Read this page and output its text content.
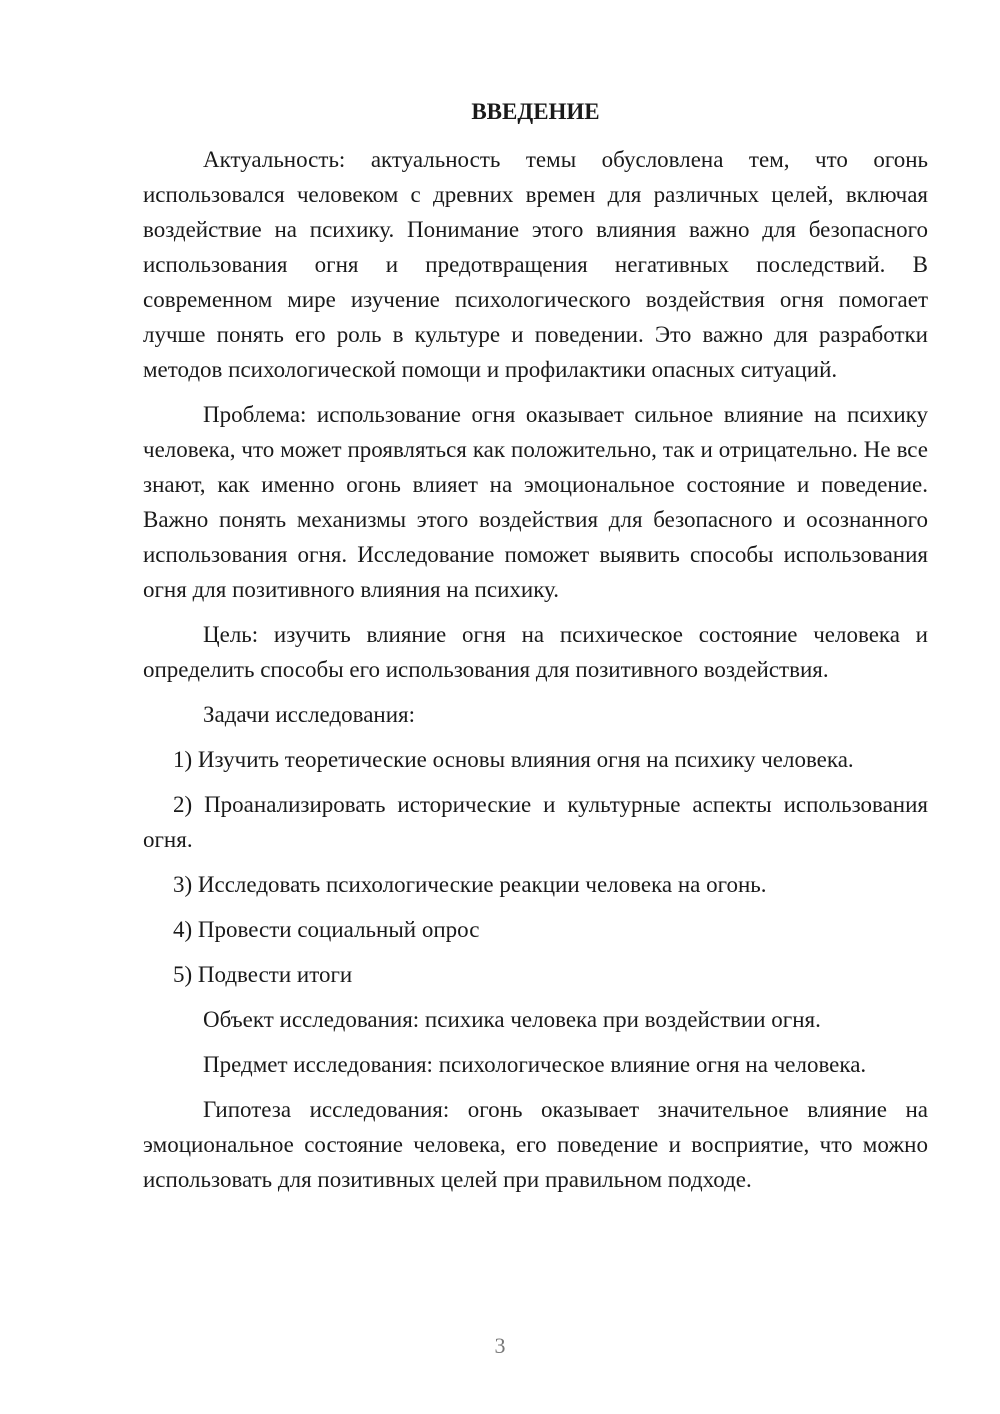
ВВЕДЕНИЕ

Актуальность: актуальность темы обусловлена тем, что огонь использовался человеком с древних времен для различных целей, включая воздействие на психику. Понимание этого влияния важно для безопасного использования огня и предотвращения негативных последствий. В современном мире изучение психологического воздействия огня помогает лучше понять его роль в культуре и поведении. Это важно для разработки методов психологической помощи и профилактики опасных ситуаций.

Проблема: использование огня оказывает сильное влияние на психику человека, что может проявляться как положительно, так и отрицательно. Не все знают, как именно огонь влияет на эмоциональное состояние и поведение. Важно понять механизмы этого воздействия для безопасного и осознанного использования огня. Исследование поможет выявить способы использования огня для позитивного влияния на психику.

Цель: изучить влияние огня на психическое состояние человека и определить способы его использования для позитивного воздействия.

Задачи исследования:

1) Изучить теоретические основы влияния огня на психику человека.

2) Проанализировать исторические и культурные аспекты использования огня.

3) Исследовать психологические реакции человека на огонь.

4) Провести социальный опрос

5) Подвести итоги

Объект исследования: психика человека при воздействии огня.

Предмет исследования: психологическое влияние огня на человека.

Гипотеза исследования: огонь оказывает значительное влияние на эмоциональное состояние человека, его поведение и восприятие, что можно использовать для позитивных целей при правильном подходе.

3
